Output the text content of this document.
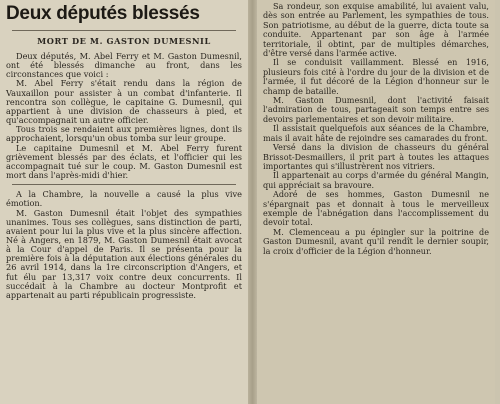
Deux députés blessés
MORT DE M. GASTON DUMESNIL

Deux députés, M. Abel Ferry et M. Gaston Dumesnil, ont été blessés dimanche au front, dans les circonstances que voici :

M. Abel Ferry s'était rendu dans la région de Vauxaillon pour assister à un combat d'infanterie. Il rencontra son collègue, le capitaine G. Dumesnil, qui appartient à une division de chasseurs à pied, et qu'accompagnait un autre officier.

Tous trois se rendaient aux premières lignes, dont ils approchaient, lorsqu'un obus tomba sur leur groupe.

Le capitaine Dumesnil et M. Abel Ferry furent grièvement blessés par des éclats, et l'officier qui les accompagnait tué sur le coup. M. Gaston Dumesnil est mort dans l'après-midi d'hier.

A la Chambre, la nouvelle a causé la plus vive émotion.

M. Gaston Dumesnil était l'objet des sympathies unanimes. Tous ses collègues, sans distinction de parti, avaient pour lui la plus vive et la plus sincère affection. Né à Angers, en 1879, M. Gaston Dumesnil était avocat à la Cour d'appel de Paris. Il se présenta pour la première fois à la députation aux élections générales du 26 avril 1914, dans la 1re circonscription d'Angers, et fut élu par 13,317 voix contre deux concurrents. Il succédait à la Chambre au docteur Montprofit et appartenait au parti républicain progressiste.

Sa rondeur, son exquise amabilité, lui avaient valu, dès son entrée au Parlement, les sympathies de tous. Son patriotisme, au début de la guerre, dicta toute sa conduite. Appartenant par son âge à l'armée territoriale, il obtint, par de multiples démarches, d'être versé dans l'armée active.

Il se conduisit vaillamment. Blessé en 1916, plusieurs fois cité à l'ordre du jour de la division et de l'armée, il fut décoré de la Légion d'honneur sur le champ de bataille.

M. Gaston Dumesnil, dont l'activité faisait l'admiration de tous, partageait son temps entre ses devoirs parlementaires et son devoir militaire.

Il assistait quelquefois aux séances de la Chambre, mais il avait hâte de rejoindre ses camarades du front.

Versé dans la division de chasseurs du général Brissot-Desmaillers, il prit part à toutes les attaques importantes qui s'illustrèrent nos vitriers.

Il appartenait au corps d'armée du général Mangin, qui appréciait sa bravoure.

Adoré de ses hommes, Gaston Dumesnil ne s'épargnait pas et donnait à tous le merveilleux exemple de l'abnégation dans l'accomplissement du devoir total.

M. Clemenceau a pu épingler sur la poitrine de Gaston Dumesnil, avant qu'il rendît le dernier soupir, la croix d'officier de la Légion d'honneur.
